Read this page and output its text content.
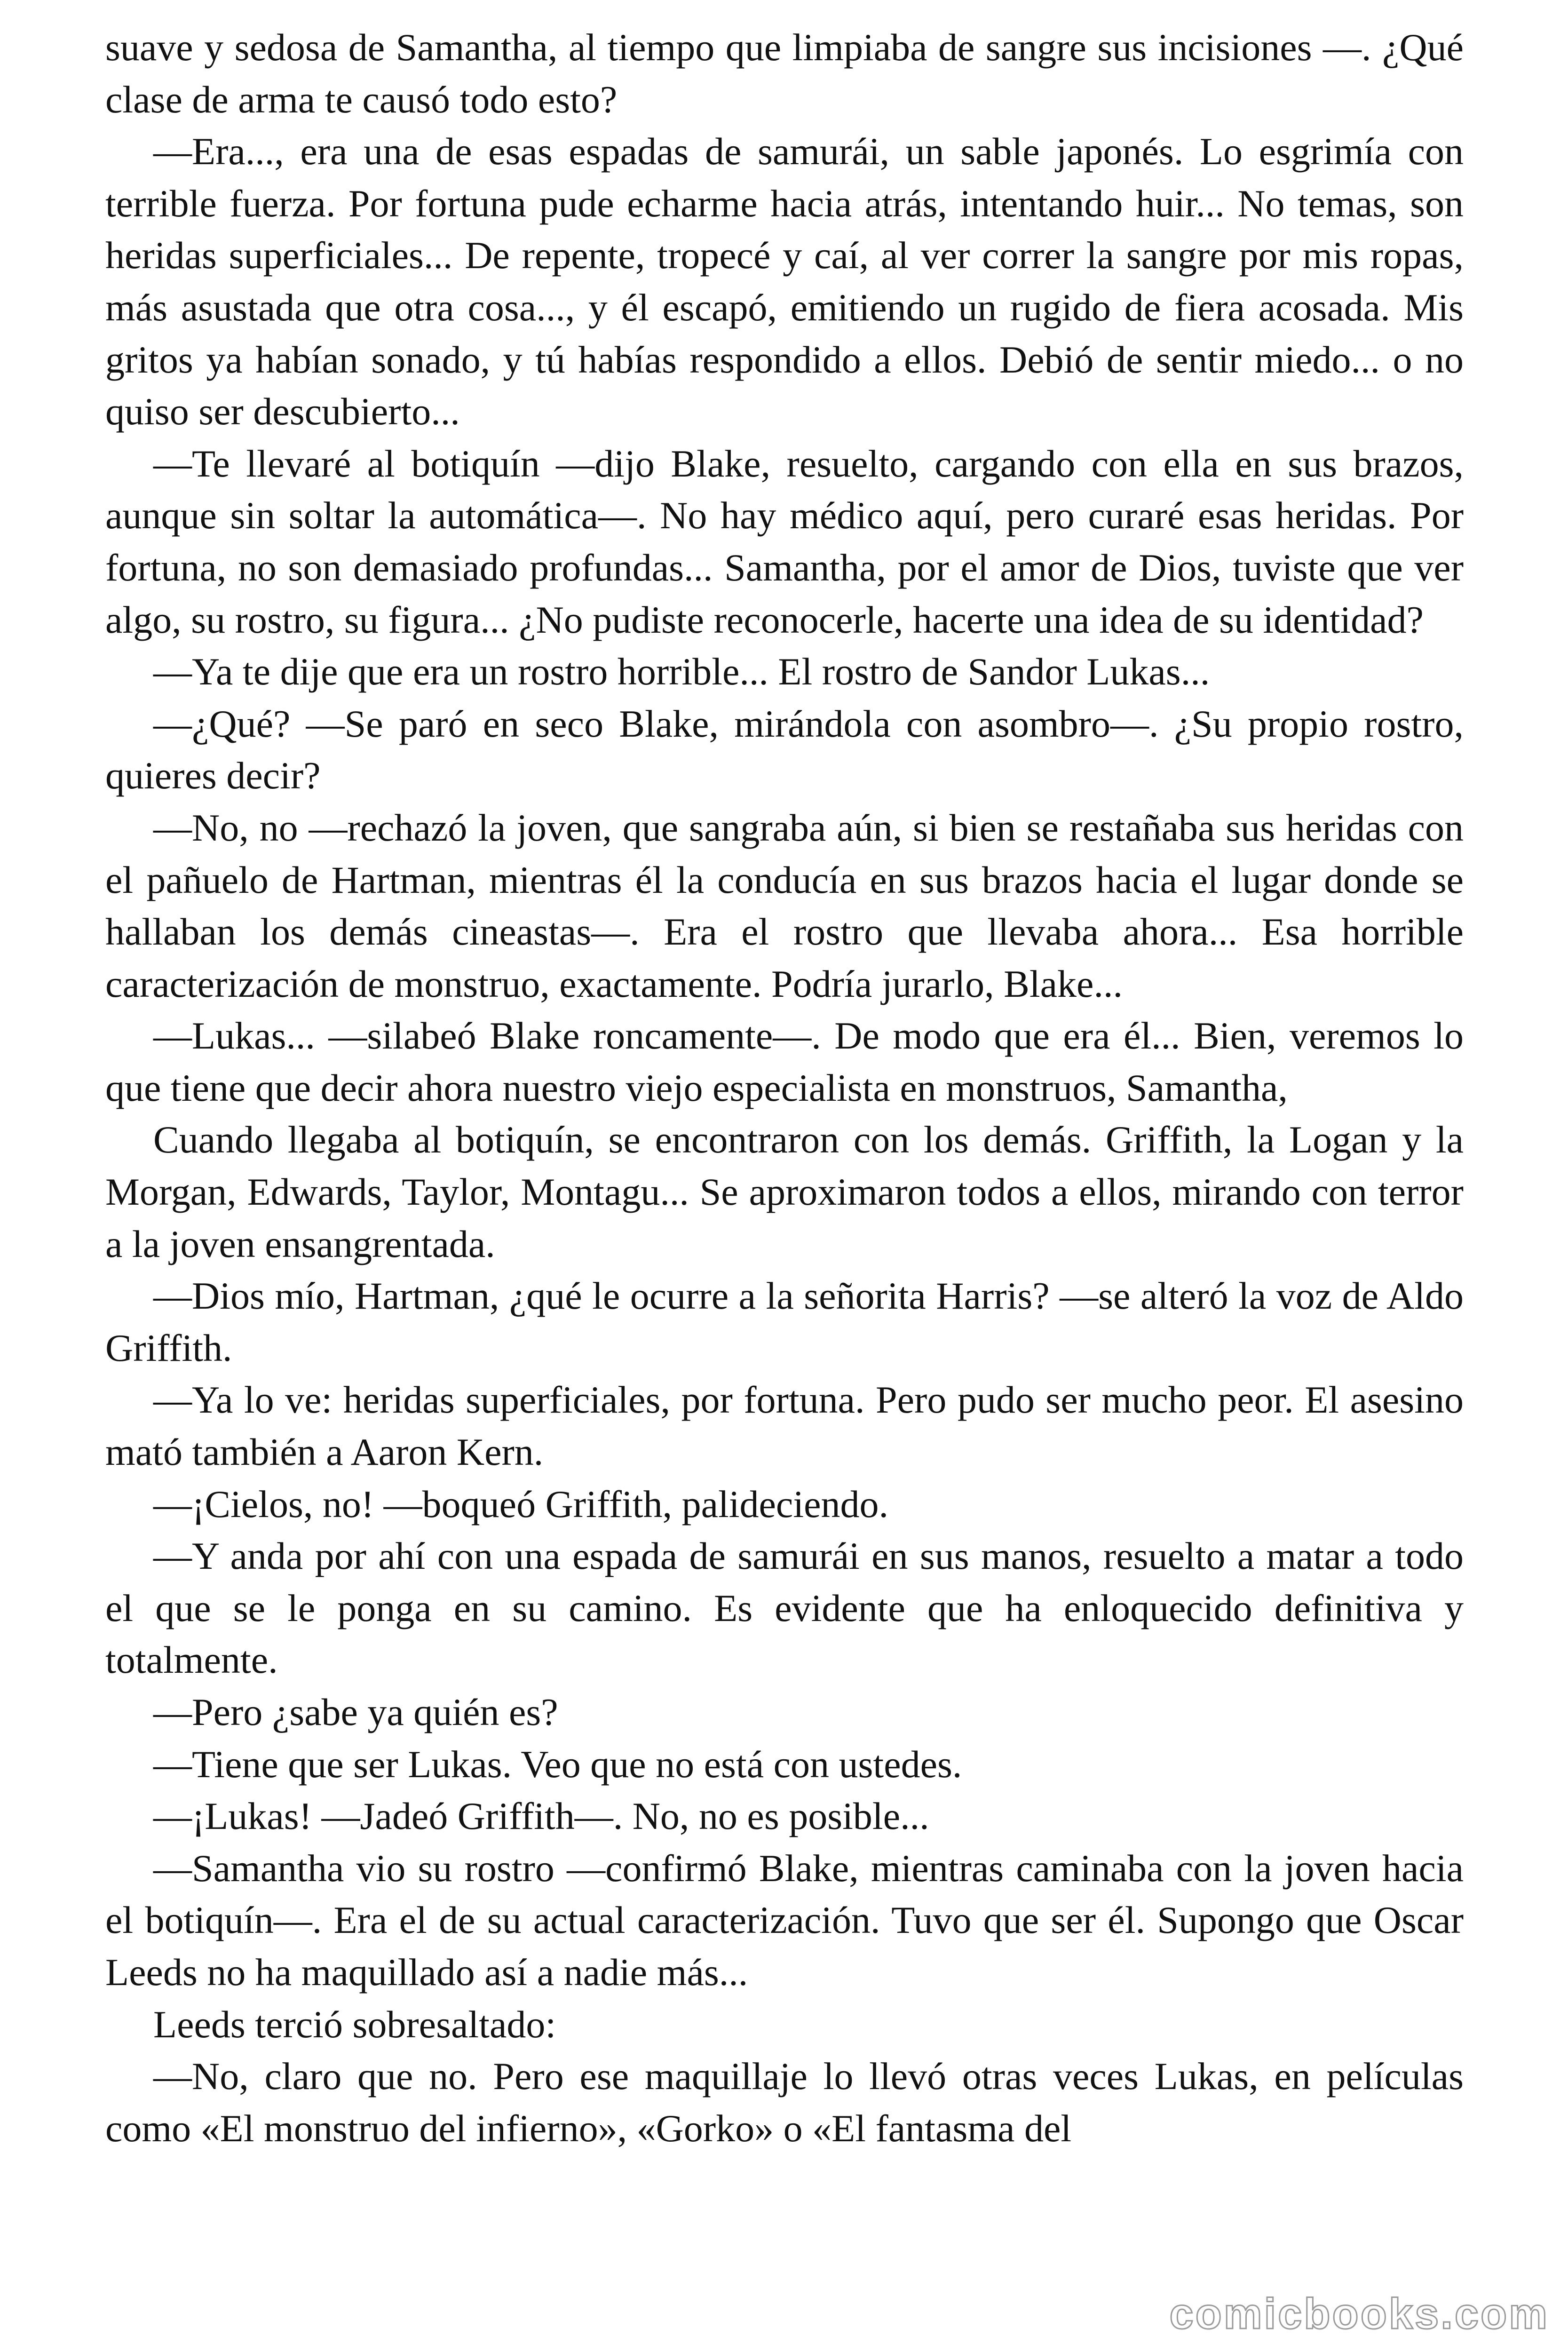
suave y sedosa de Samantha, al tiempo que limpiaba de sangre sus incisiones —. ¿Qué clase de arma te causó todo esto?

—Era..., era una de esas espadas de samurái, un sable japonés. Lo esgrimía con terrible fuerza. Por fortuna pude echarme hacia atrás, intentando huir... No temas, son heridas superficiales... De repente, tropecé y caí, al ver correr la sangre por mis ropas, más asustada que otra cosa..., y él escapó, emitiendo un rugido de fiera acosada. Mis gritos ya habían sonado, y tú habías respondido a ellos. Debió de sentir miedo... o no quiso ser descubierto...

—Te llevaré al botiquín —dijo Blake, resuelto, cargando con ella en sus brazos, aunque sin soltar la automática—. No hay médico aquí, pero curaré esas heridas. Por fortuna, no son demasiado profundas... Samantha, por el amor de Dios, tuviste que ver algo, su rostro, su figura... ¿No pudiste reconocerle, hacerte una idea de su identidad?

—Ya te dije que era un rostro horrible... El rostro de Sandor Lukas...

—¿Qué? —Se paró en seco Blake, mirándola con asombro—. ¿Su propio rostro, quieres decir?

—No, no —rechazó la joven, que sangraba aún, si bien se restañaba sus heridas con el pañuelo de Hartman, mientras él la conducía en sus brazos hacia el lugar donde se hallaban los demás cineastas—. Era el rostro que llevaba ahora... Esa horrible caracterización de monstruo, exactamente. Podría jurarlo, Blake...

—Lukas... —silabeó Blake roncamente—. De modo que era él... Bien, veremos lo que tiene que decir ahora nuestro viejo especialista en monstruos, Samantha,

Cuando llegaba al botiquín, se encontraron con los demás. Griffith, la Logan y la Morgan, Edwards, Taylor, Montagu... Se aproximaron todos a ellos, mirando con terror a la joven ensangrentada.

—Dios mío, Hartman, ¿qué le ocurre a la señorita Harris? —se alteró la voz de Aldo Griffith.

—Ya lo ve: heridas superficiales, por fortuna. Pero pudo ser mucho peor. El asesino mató también a Aaron Kern.

—¡Cielos, no! —boqueó Griffith, palideciendo.

—Y anda por ahí con una espada de samurái en sus manos, resuelto a matar a todo el que se le ponga en su camino. Es evidente que ha enloquecido definitiva y totalmente.

—Pero ¿sabe ya quién es?

—Tiene que ser Lukas. Veo que no está con ustedes.

—¡Lukas! —Jadeó Griffith—. No, no es posible...

—Samantha vio su rostro —confirmó Blake, mientras caminaba con la joven hacia el botiquín—. Era el de su actual caracterización. Tuvo que ser él. Supongo que Oscar Leeds no ha maquillado así a nadie más...

Leeds terció sobresaltado:

—No, claro que no. Pero ese maquillaje lo llevó otras veces Lukas, en películas como «El monstruo del infierno», «Gorko» o «El fantasma del

comicbooks.com
